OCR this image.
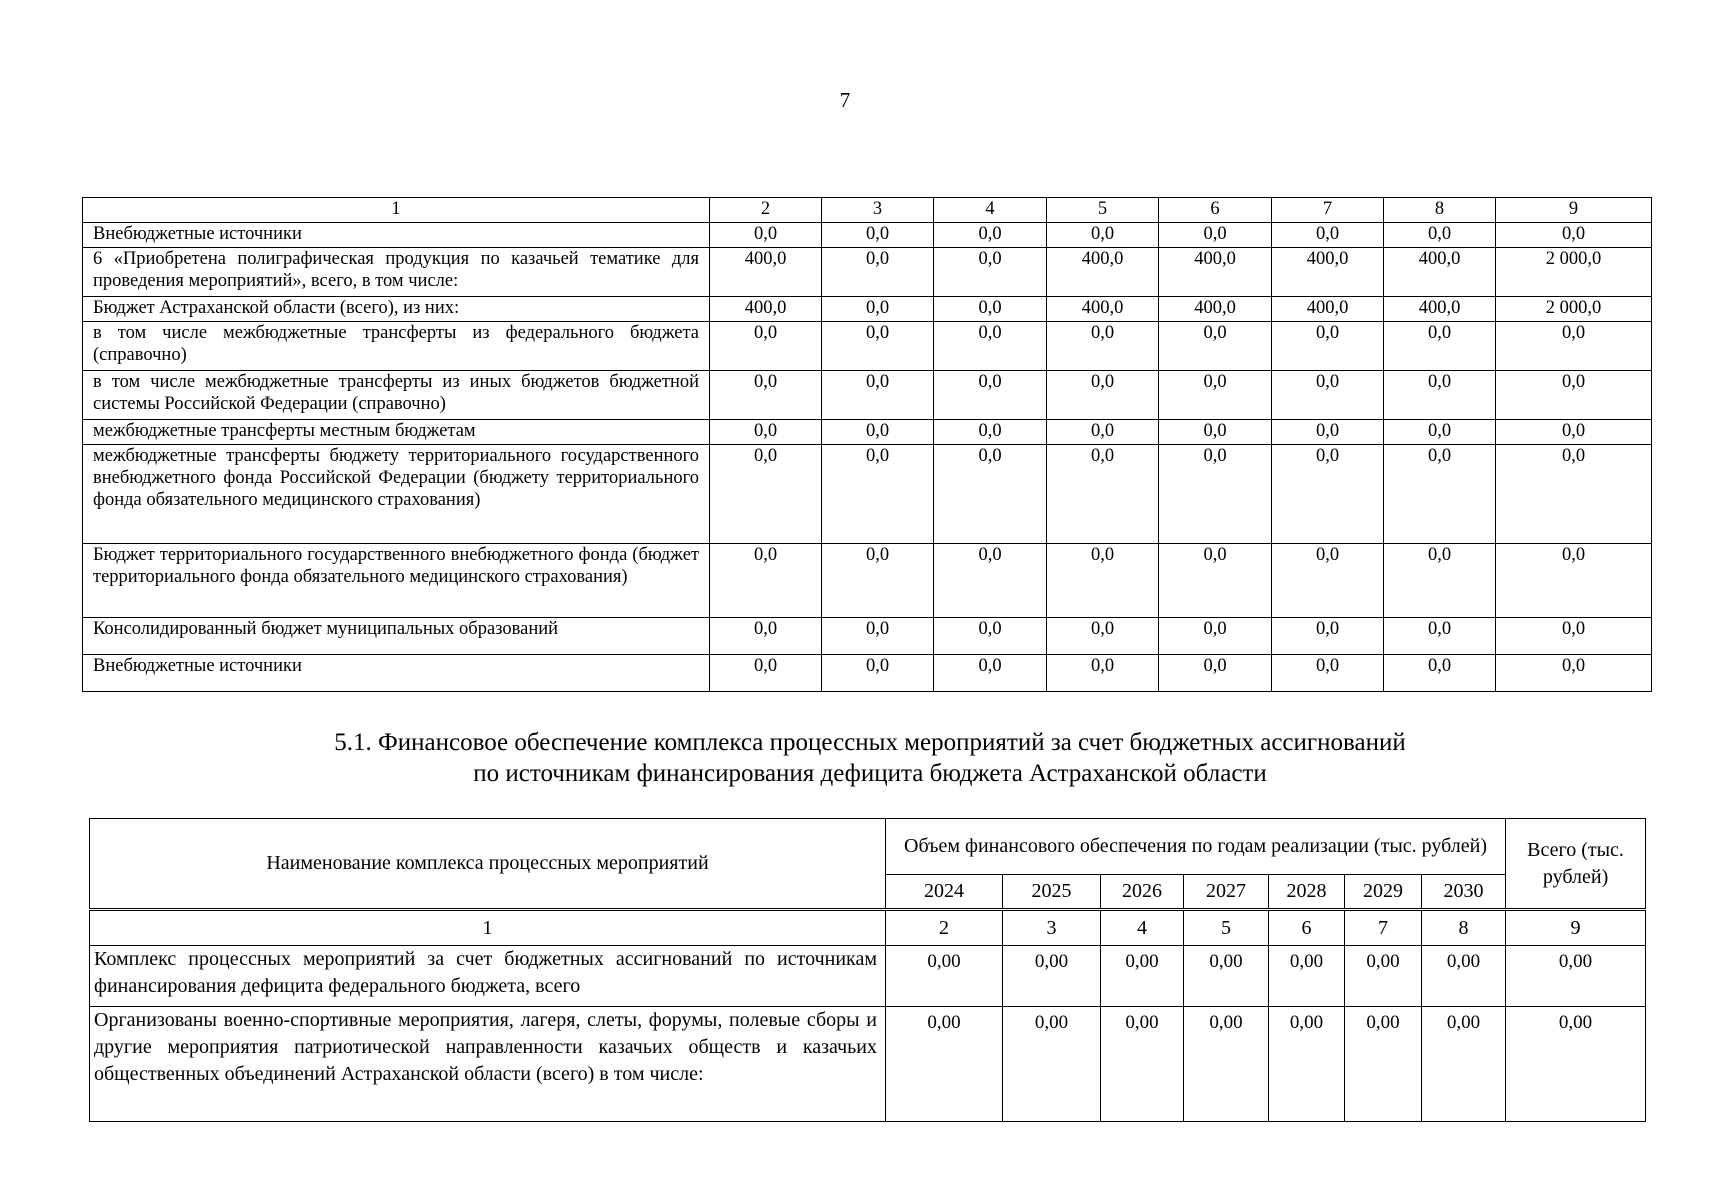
7
1	2	3	4	5	6	7	8	9
Внебюджетные источники	0,0	0,0	0,0	0,0	0,0	0,0	0,0	0,0
6 «Приобретена полиграфическая продукция по казачьей тематике для проведения мероприятий», всего, в том числе:	400,0	0,0	0,0	400,0	400,0	400,0	400,0	2 000,0
Бюджет Астраханской области (всего), из них:	400,0	0,0	0,0	400,0	400,0	400,0	400,0	2 000,0
в том числе межбюджетные трансферты из федерального бюджета (справочно)	0,0	0,0	0,0	0,0	0,0	0,0	0,0	0,0
в том числе межбюджетные трансферты из иных бюджетов бюджетной системы Российской Федерации (справочно)	0,0	0,0	0,0	0,0	0,0	0,0	0,0	0,0
межбюджетные трансферты местным бюджетам	0,0	0,0	0,0	0,0	0,0	0,0	0,0	0,0
межбюджетные трансферты бюджету территориального государственного внебюджетного фонда Российской Федерации (бюджету территориального фонда обязательного медицинского страхования)	0,0	0,0	0,0	0,0	0,0	0,0	0,0	0,0
Бюджет территориального государственного внебюджетного фонда (бюджет территориального фонда обязательного медицинского страхования)	0,0	0,0	0,0	0,0	0,0	0,0	0,0	0,0
Консолидированный бюджет муниципальных образований	0,0	0,0	0,0	0,0	0,0	0,0	0,0	0,0
Внебюджетные источники	0,0	0,0	0,0	0,0	0,0	0,0	0,0	0,0
5.1. Финансовое обеспечение комплекса процессных мероприятий за счет бюджетных ассигнований
по источникам финансирования дефицита бюджета Астраханской области
Наименование комплекса процессных мероприятий	Объем финансового обеспечения по годам реализации (тыс. рублей)							Всего (тыс. рублей)
	2024	2025	2026	2027	2028	2029	2030	
1	2	3	4	5	6	7	8	9
Комплекс процессных мероприятий за счет бюджетных ассигнований по источникам финансирования дефицита федерального бюджета, всего	0,00	0,00	0,00	0,00	0,00	0,00	0,00	0,00
Организованы военно-спортивные мероприятия, лагеря, слеты, форумы, полевые сборы и другие мероприятия патриотической направленности казачьих обществ и казачьих общественных объединений Астраханской области (всего) в том числе:	0,00	0,00	0,00	0,00	0,00	0,00	0,00	0,00
